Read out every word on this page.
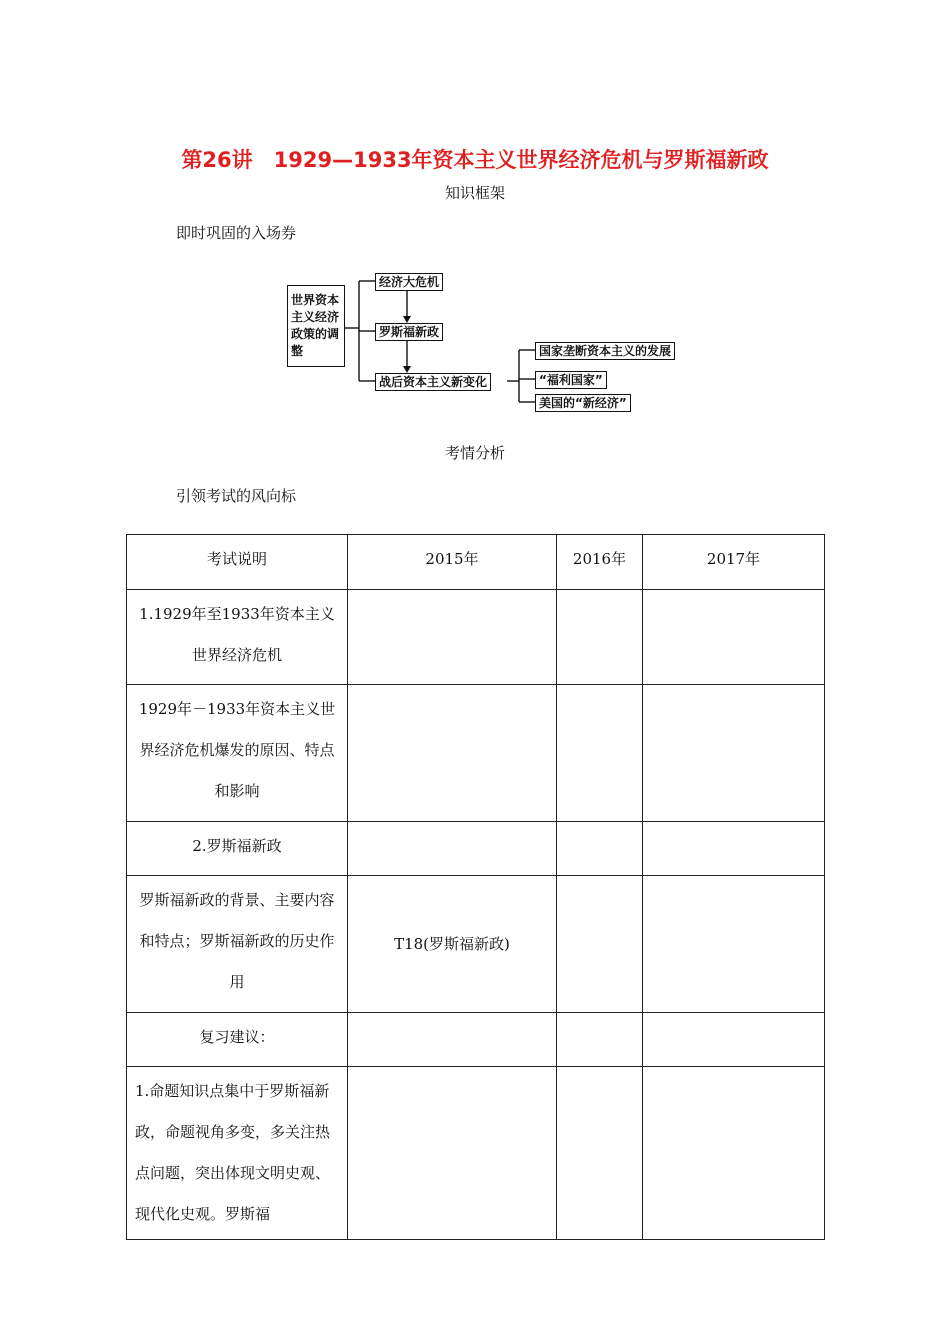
第26讲　1929—1933年资本主义世界经济危机与罗斯福新政
知识框架
即时巩固的入场券
世界资本主义经济政策的调整
经济大危机
罗斯福新政
战后资本主义新变化
国家垄断资本主义的发展
“福利国家”
美国的“新经济”
考情分析
引领考试的风向标
考试说明	2015年	2016年	2017年
1.1929年至1933年资本主义世界经济危机			
1929年－1933年资本主义世界经济危机爆发的原因、特点和影响			
2.罗斯福新政			
罗斯福新政的背景、主要内容和特点；罗斯福新政的历史作用	T18(罗斯福新政)		
复习建议：			
1.命题知识点集中于罗斯福新政，命题视角多变，多关注热点问题，突出体现文明史观、现代化史观。罗斯福			
